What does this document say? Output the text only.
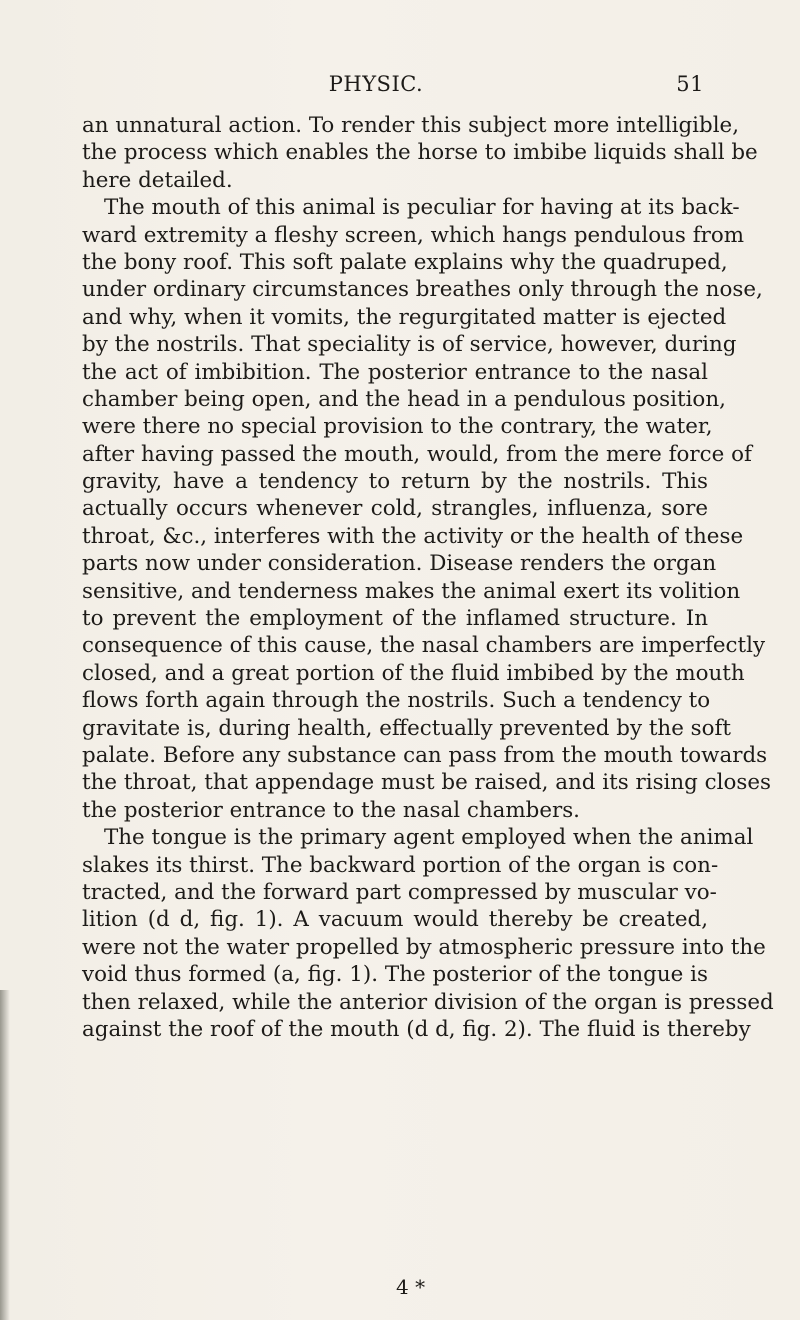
PHYSIC.	51
an unnatural action. To render this subject more intelligible,
the process which enables the horse to imbibe liquids shall be
here detailed.
The mouth of this animal is peculiar for having at its back-
ward extremity a fleshy screen, which hangs pendulous from
the bony roof. This soft palate explains why the quadruped,
under ordinary circumstances breathes only through the nose,
and why, when it vomits, the regurgitated matter is ejected
by the nostrils. That speciality is of service, however, during
the act of imbibition. The posterior entrance to the nasal
chamber being open, and the head in a pendulous position,
were there no special provision to the contrary, the water,
after having passed the mouth, would, from the mere force of
gravity, have a tendency to return by the nostrils. This
actually occurs whenever cold, strangles, influenza, sore
throat, &c., interferes with the activity or the health of these
parts now under consideration. Disease renders the organ
sensitive, and tenderness makes the animal exert its volition
to prevent the employment of the inflamed structure. In
consequence of this cause, the nasal chambers are imperfectly
closed, and a great portion of the fluid imbibed by the mouth
flows forth again through the nostrils. Such a tendency to
gravitate is, during health, effectually prevented by the soft
palate. Before any substance can pass from the mouth towards
the throat, that appendage must be raised, and its rising closes
the posterior entrance to the nasal chambers.
The tongue is the primary agent employed when the animal
slakes its thirst. The backward portion of the organ is con-
tracted, and the forward part compressed by muscular vo-
lition (d d, fig. 1). A vacuum would thereby be created,
were not the water propelled by atmospheric pressure into the
void thus formed (a, fig. 1). The posterior of the tongue is
then relaxed, while the anterior division of the organ is pressed
against the roof of the mouth (d d, fig. 2). The fluid is thereby
4 *
